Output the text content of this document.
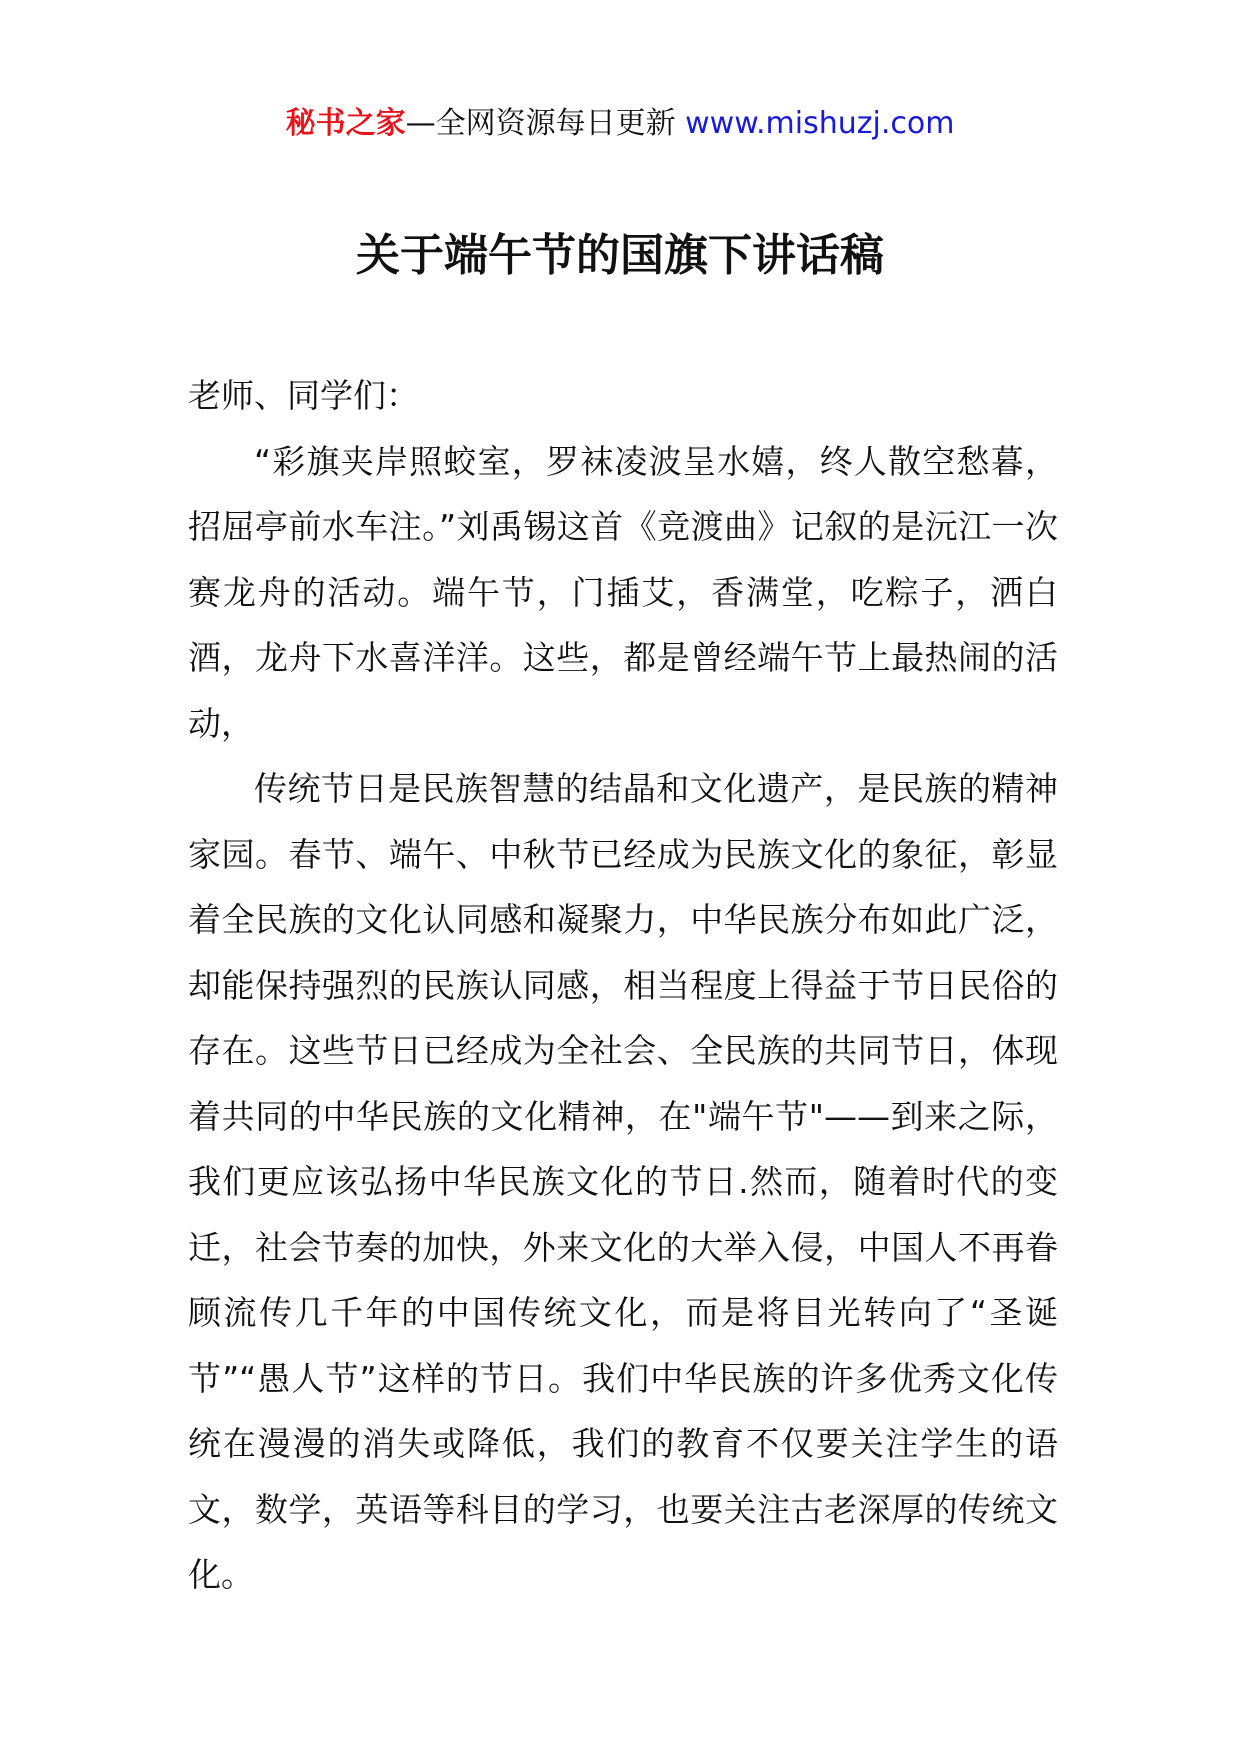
秘书之家—全网资源每日更新 www.mishuzj.com
关于端午节的国旗下讲话稿

老师、同学们：

“彩旗夹岸照蛟室，罗袜凌波呈水嬉，终人散空愁暮，招屈亭前水车注。”刘禹锡这首《竞渡曲》记叙的是沅江一次赛龙舟的活动。端午节，门插艾，香满堂，吃粽子，洒白酒，龙舟下水喜洋洋。这些，都是曾经端午节上最热闹的活动，

传统节日是民族智慧的结晶和文化遗产，是民族的精神家园。春节、端午、中秋节已经成为民族文化的象征，彰显着全民族的文化认同感和凝聚力，中华民族分布如此广泛，却能保持强烈的民族认同感，相当程度上得益于节日民俗的存在。这些节日已经成为全社会、全民族的共同节日，体现着共同的中华民族的文化精神，在"端午节"——到来之际，我们更应该弘扬中华民族文化的节日.然而，随着时代的变迁，社会节奏的加快，外来文化的大举入侵，中国人不再眷顾流传几千年的中国传统文化，而是将目光转向了“圣诞节”“愚人节”这样的节日。我们中华民族的许多优秀文化传统在漫漫的消失或降低，我们的教育不仅要关注学生的语文，数学，英语等科目的学习，也要关注古老深厚的传统文化。
